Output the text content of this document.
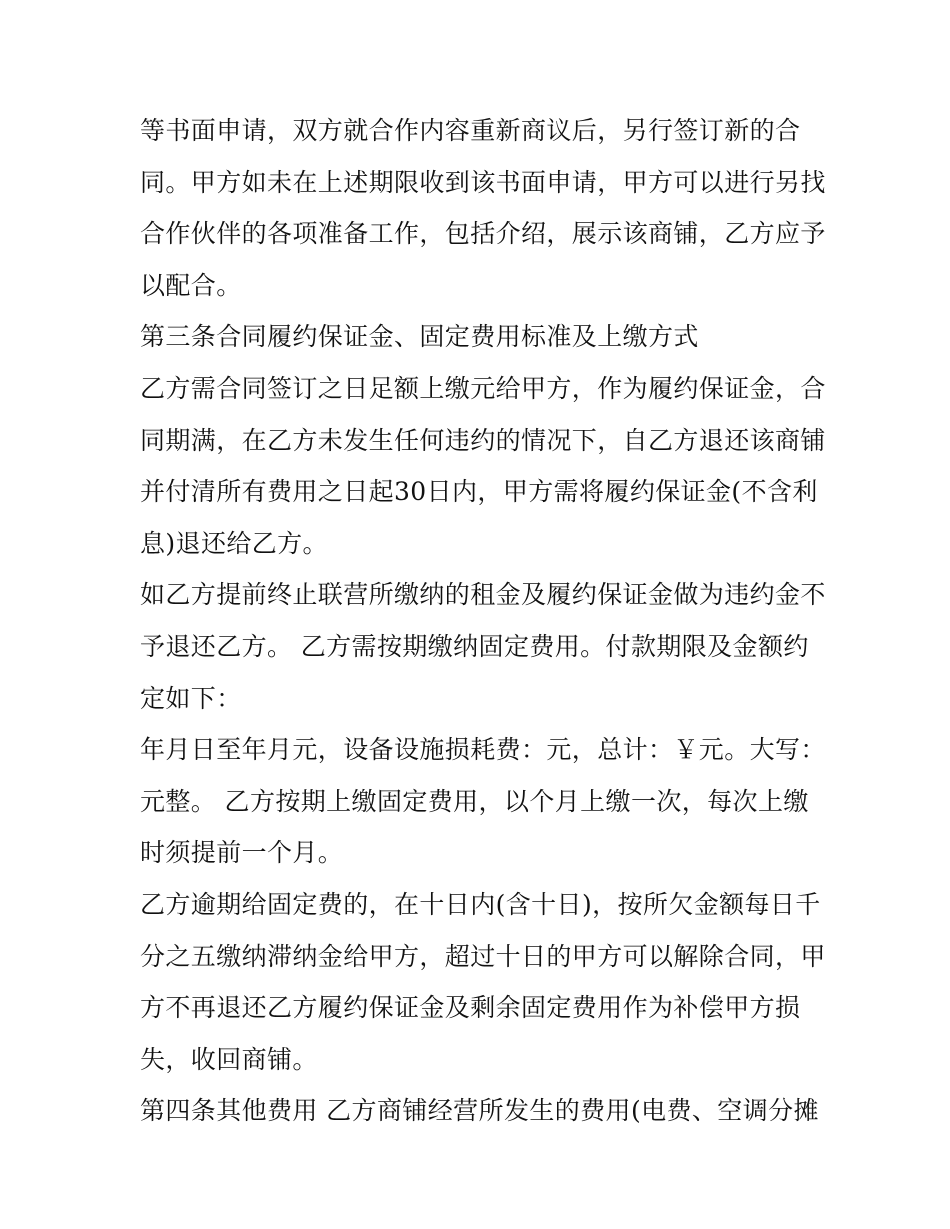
等书面申请，双方就合作内容重新商议后，另行签订新的合
同。甲方如未在上述期限收到该书面申请，甲方可以进行另找
合作伙伴的各项准备工作，包括介绍，展示该商铺，乙方应予
以配合。
第三条合同履约保证金、固定费用标准及上缴方式
乙方需合同签订之日足额上缴元给甲方，作为履约保证金，合
同期满，在乙方未发生任何违约的情况下，自乙方退还该商铺
并付清所有费用之日起30日内，甲方需将履约保证金(不含利
息)退还给乙方。
如乙方提前终止联营所缴纳的租金及履约保证金做为违约金不
予退还乙方。 乙方需按期缴纳固定费用。付款期限及金额约
定如下：
年月日至年月元，设备设施损耗费：元，总计：￥元。大写：
元整。 乙方按期上缴固定费用，以个月上缴一次，每次上缴
时须提前一个月。
乙方逾期给固定费的，在十日内(含十日)，按所欠金额每日千
分之五缴纳滞纳金给甲方，超过十日的甲方可以解除合同，甲
方不再退还乙方履约保证金及剩余固定费用作为补偿甲方损
失，收回商铺。
第四条其他费用 乙方商铺经营所发生的费用(电费、空调分摊
